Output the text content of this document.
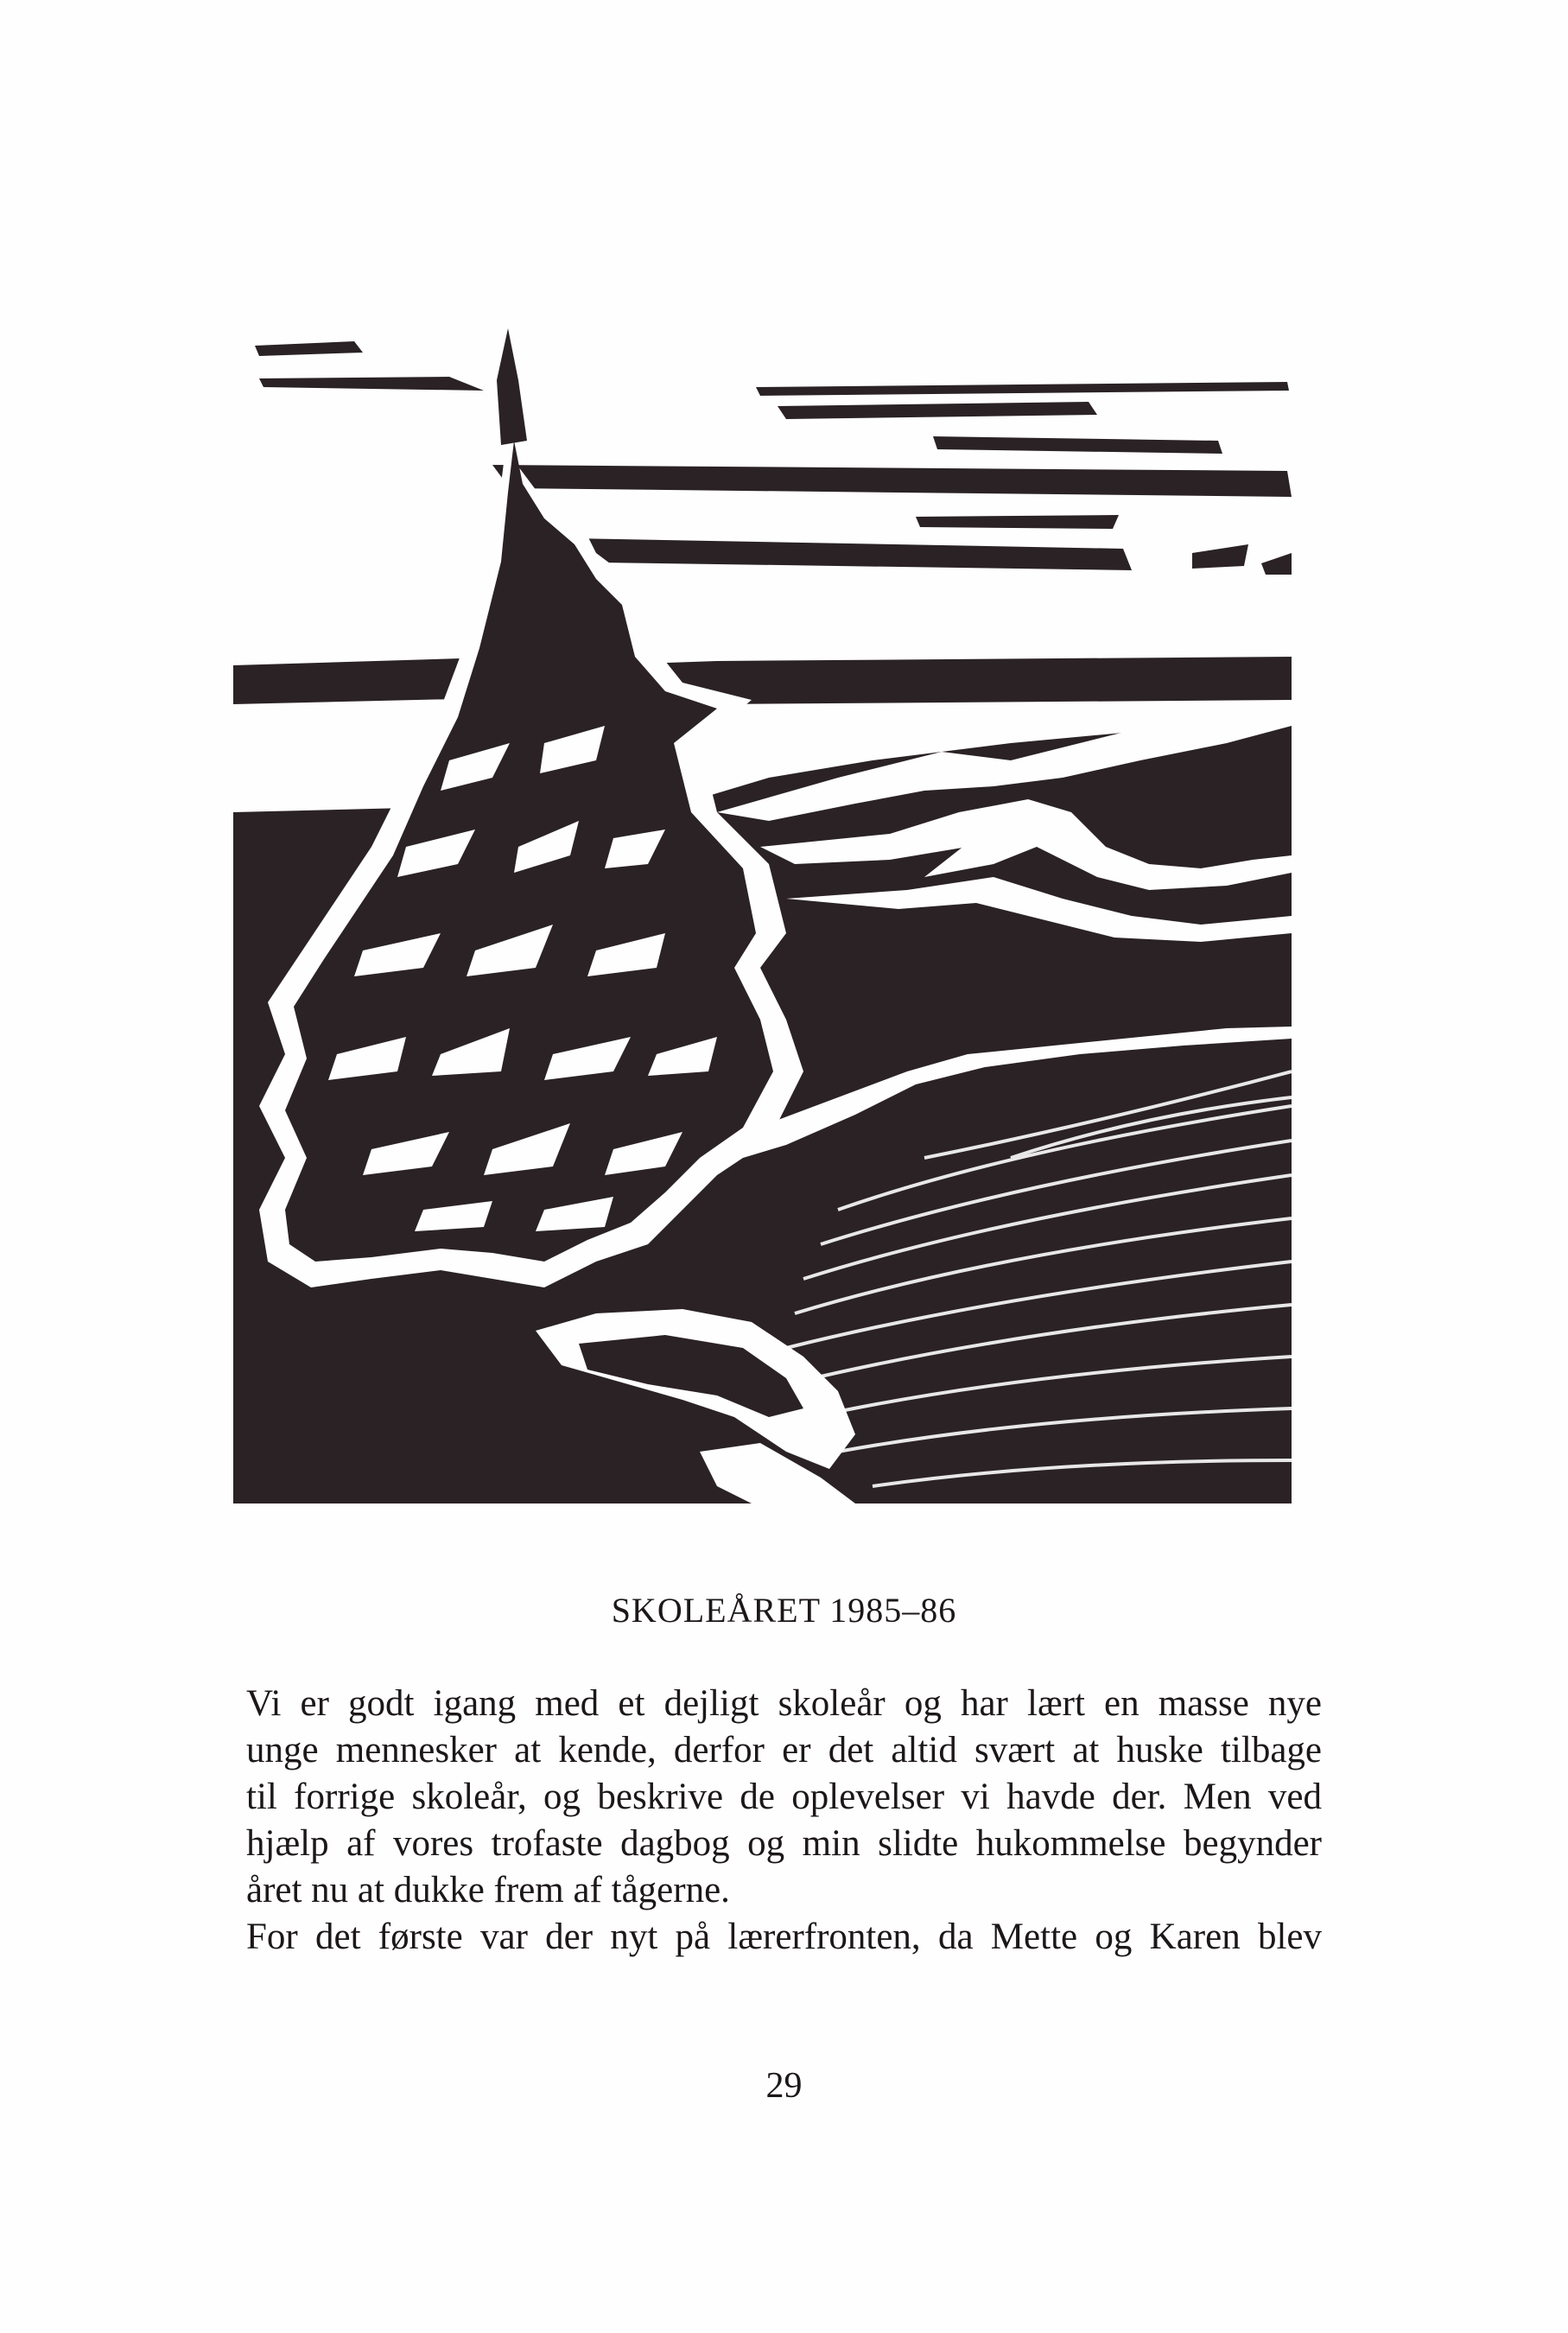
SKOLEÅRET 1985–86

Vi er godt igang med et dejligt skoleår og har lært en masse nye

unge mennesker at kende, derfor er det altid svært at huske tilbage

til forrige skoleår, og beskrive de oplevelser vi havde der. Men ved

hjælp af vores trofaste dagbog og min slidte hukommelse begynder

året nu at dukke frem af tågerne.

For det første var der nyt på lærerfronten, da Mette og Karen blev

29
